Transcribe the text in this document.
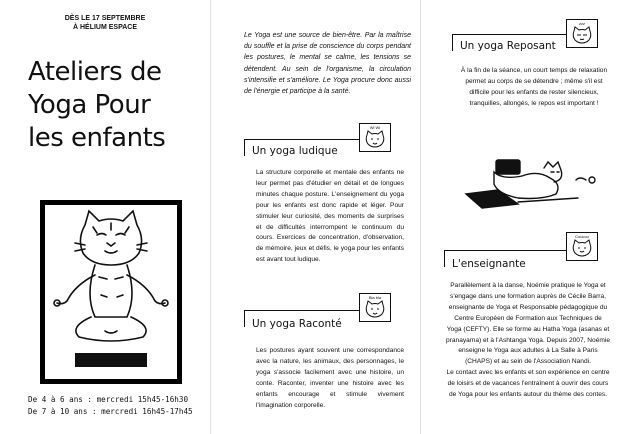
DÈS LE 17 SEPTEMBRE
À HÉLIUM ESPACE
Ateliers de
Yoga Pour
les enfants
De 4 à 6 ans : mercredi 15h45-16h30
De 7 à 10 ans : mercredi 16h45-17h45
Le Yoga est une source de bien-être. Par la maîtrise du souffle et la prise de conscience du corps pendant les postures, le mental se calme, les tensions se détendent. Au sein de l'organisme, la circulation s'intensifie et s'améliore. Le Yoga procure donc aussi de l'énergie et participe à la santé.
Un yoga ludique
Wi Wi
La structure corporelle et mentale des enfants ne leur permet pas d'étudier en détail et de longues minutes chaque posture. L'enseignement du yoga pour les enfants est donc rapide et léger. Pour stimuler leur curiosité, des moments de surprises et de difficultés interrompent le continuum du cours. Exercices de concentration, d'observation, de mémoire, jeux et défis, le yoga pour les enfants est avant tout ludique.
Un yoga Raconté
Bla bla
Les postures ayant souvent une correspondance avec la nature, les animaux, des personnages, le yoga s'associe facilement avec une histoire, un conte. Raconter, inventer une histoire avec les enfants encourage et stimule vivement l'imagination corporelle.
Un yoga Reposant
zzz
À la fin de la séance, un court temps de relaxation permet au corps de se détendre ; même s'il est difficile pour les enfants de rester silencieux, tranquilles, allongés, le repos est important !
L'enseignante
Coucou
Parallèlement à la danse, Noémie pratique le Yoga et s'engage dans une formation auprès de Cécile Barra, enseignante de Yoga et Responsable pédagogique du Centre Européen de Formation aux Techniques de Yoga (CEFTY). Elle se forme au Hatha Yoga (asanas et pranayama) et à l'Ashtanga Yoga. Depuis 2007, Noémie enseigne le Yoga aux adultes à La Salle à Paris (CHAPS) et au sein de l'Association Nandi.
Le contact avec les enfants et son expérience en centre de loisirs et de vacances l'entraînent à ouvrir des cours de Yoga pour les enfants autour du thème des contes.
